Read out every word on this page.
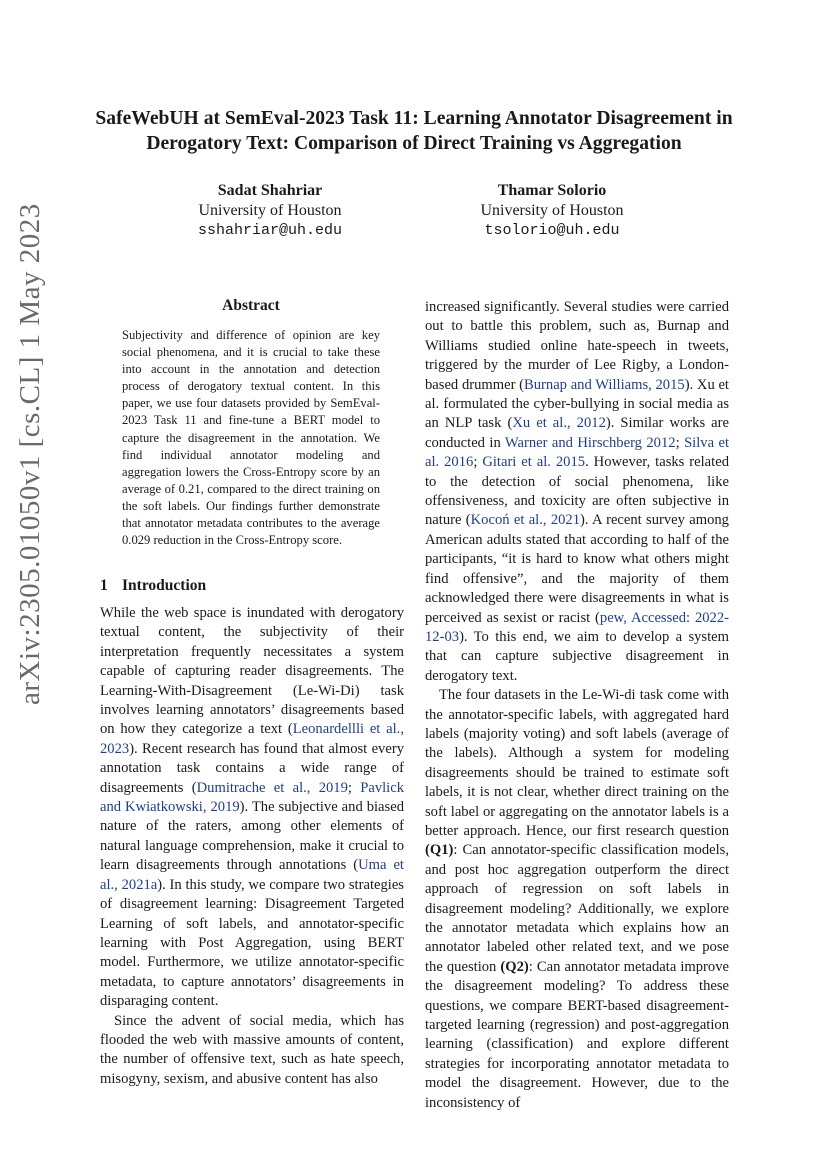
arXiv:2305.01050v1 [cs.CL] 1 May 2023
SafeWebUH at SemEval-2023 Task 11: Learning Annotator Disagreement in Derogatory Text: Comparison of Direct Training vs Aggregation
Sadat Shahriar
University of Houston
sshahriar@uh.edu
Thamar Solorio
University of Houston
tsolorio@uh.edu
Abstract

Subjectivity and difference of opinion are key social phenomena, and it is crucial to take these into account in the annotation and detection process of derogatory textual content. In this paper, we use four datasets provided by SemEval-2023 Task 11 and fine-tune a BERT model to capture the disagreement in the annotation. We find individual annotator modeling and aggregation lowers the Cross-Entropy score by an average of 0.21, compared to the direct training on the soft labels. Our findings further demonstrate that annotator metadata contributes to the average 0.029 reduction in the Cross-Entropy score.

1 Introduction

While the web space is inundated with derogatory textual content, the subjectivity of their interpretation frequently necessitates a system capable of capturing reader disagreements. The Learning-With-Disagreement (Le-Wi-Di) task involves learning annotators’ disagreements based on how they categorize a text (Leonardellli et al., 2023). Recent research has found that almost every annotation task contains a wide range of disagreements (Dumitrache et al., 2019; Pavlick and Kwiatkowski, 2019). The subjective and biased nature of the raters, among other elements of natural language comprehension, make it crucial to learn disagreements through annotations (Uma et al., 2021a). In this study, we compare two strategies of disagreement learning: Disagreement Targeted Learning of soft labels, and annotator-specific learning with Post Aggregation, using BERT model. Furthermore, we utilize annotator-specific metadata, to capture annotators’ disagreements in disparaging content.

Since the advent of social media, which has flooded the web with massive amounts of content, the number of offensive text, such as hate speech, misogyny, sexism, and abusive content has also

increased significantly. Several studies were carried out to battle this problem, such as, Burnap and Williams studied online hate-speech in tweets, triggered by the murder of Lee Rigby, a London-based drummer (Burnap and Williams, 2015). Xu et al. formulated the cyber-bullying in social media as an NLP task (Xu et al., 2012). Similar works are conducted in Warner and Hirschberg 2012; Silva et al. 2016; Gitari et al. 2015. However, tasks related to the detection of social phenomena, like offensiveness, and toxicity are often subjective in nature (Kocoń et al., 2021). A recent survey among American adults stated that according to half of the participants, “it is hard to know what others might find offensive”, and the majority of them acknowledged there were disagreements in what is perceived as sexist or racist (pew, Accessed: 2022-12-03). To this end, we aim to develop a system that can capture subjective disagreement in derogatory text.

The four datasets in the Le-Wi-di task come with the annotator-specific labels, with aggregated hard labels (majority voting) and soft labels (average of the labels). Although a system for modeling disagreements should be trained to estimate soft labels, it is not clear, whether direct training on the soft label or aggregating on the annotator labels is a better approach. Hence, our first research question (Q1): Can annotator-specific classification models, and post hoc aggregation outperform the direct approach of regression on soft labels in disagreement modeling? Additionally, we explore the annotator metadata which explains how an annotator labeled other related text, and we pose the question (Q2): Can annotator metadata improve the disagreement modeling? To address these questions, we compare BERT-based disagreement-targeted learning (regression) and post-aggregation learning (classification) and explore different strategies for incorporating annotator metadata to model the disagreement. However, due to the inconsistency of
